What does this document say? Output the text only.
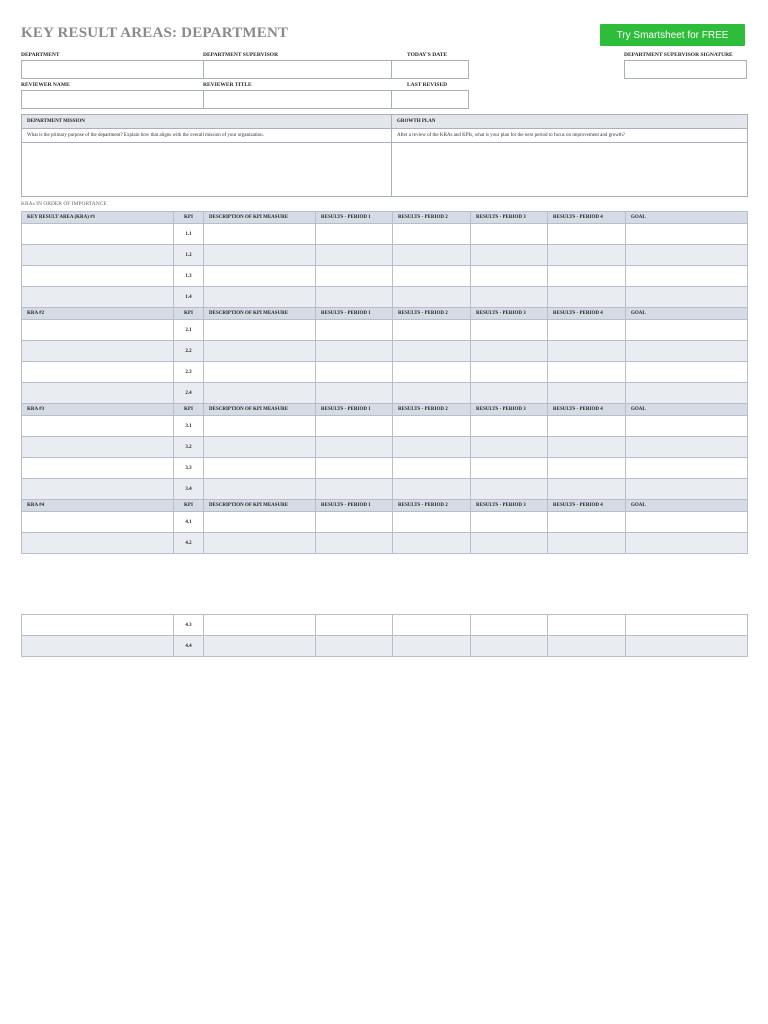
KEY RESULT AREAS: DEPARTMENT	Try Smartsheet for FREE
DEPARTMENT	DEPARTMENT SUPERVISOR	TODAY'S DATE	DEPARTMENT SUPERVISOR SIGNATURE
REVIEWER NAME	REVIEWER TITLE	LAST REVISED
DEPARTMENT MISSION	GROWTH PLAN
What is the primary purpose of the department? Explain how that aligns with the overall mission of your organization.	After a review of the KRAs and KPIs, what is your plan for the next period to focus on improvement and growth?

KRAs IN ORDER OF IMPORTANCE
KEY RESULT AREA (KRA) #1	KPI	DESCRIPTION OF KPI MEASURE	RESULTS - PERIOD 1	RESULTS - PERIOD 2	RESULTS - PERIOD 3	RESULTS - PERIOD 4	GOAL
	1.1						
	1.2						
	1.3						
	1.4						
KRA #2	KPI	DESCRIPTION OF KPI MEASURE	RESULTS - PERIOD 1	RESULTS - PERIOD 2	RESULTS - PERIOD 3	RESULTS - PERIOD 4	GOAL
	2.1						
	2.2						
	2.3						
	2.4						
KRA #3	KPI	DESCRIPTION OF KPI MEASURE	RESULTS - PERIOD 1	RESULTS - PERIOD 2	RESULTS - PERIOD 3	RESULTS - PERIOD 4	GOAL
	3.1						
	3.2						
	3.3						
	3.4						
KRA #4	KPI	DESCRIPTION OF KPI MEASURE	RESULTS - PERIOD 1	RESULTS - PERIOD 2	RESULTS - PERIOD 3	RESULTS - PERIOD 4	GOAL
	4.1						
	4.2						
	4.3						
	4.4						
